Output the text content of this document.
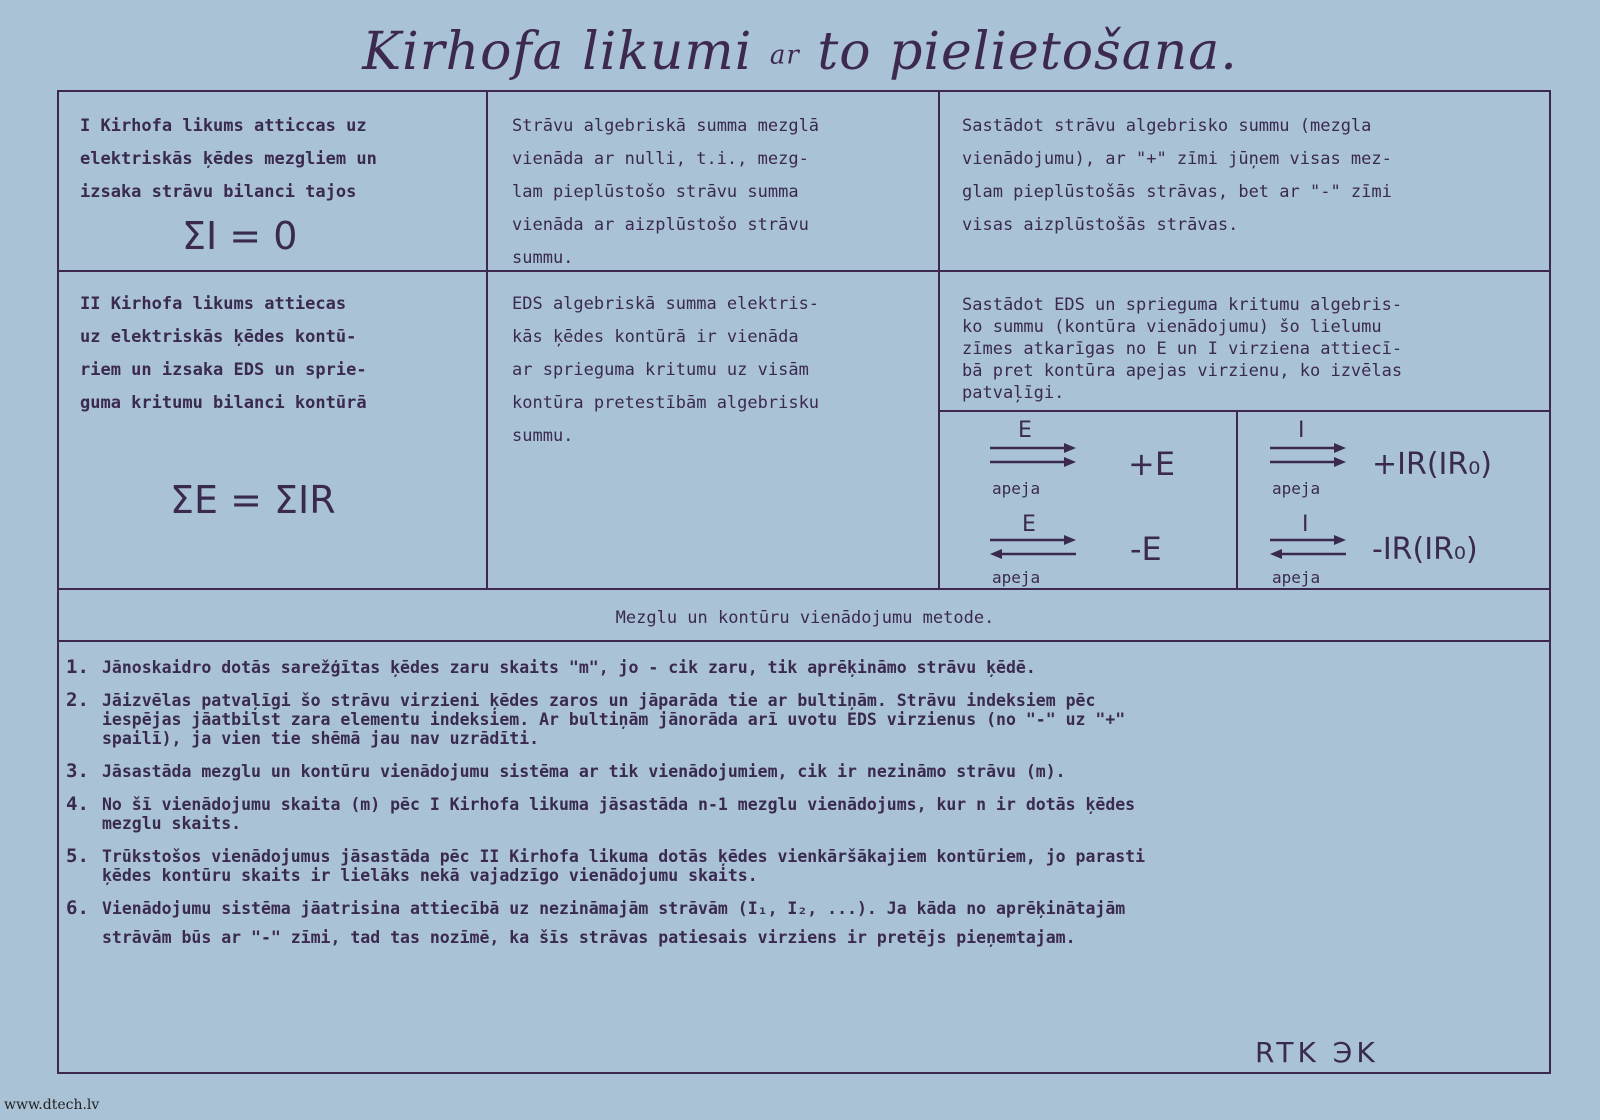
Kirhofa likumi ar to pielietošana.
I Kirhofa likums atticcas uz
elektriskās ķēdes mezgliem un
izsaka strāvu bilanci tajos
ΣI = 0
Strāvu algebriskā summa mezglā
vienāda ar nulli, t.i., mezg-
lam pieplūstošo strāvu summa
vienāda ar aizplūstošo strāvu
summu.
Sastādot strāvu algebrisko summu (mezgla
vienādojumu), ar "+" zīmi jūņem visas mez-
glam pieplūstošās strāvas, bet ar "-" zīmi
visas aizplūstošās strāvas.
II Kirhofa likums attiecas
uz elektriskās ķēdes kontū-
riem un izsaka EDS un sprie-
guma kritumu bilanci kontūrā
ΣE = ΣIR
EDS algebriskā summa elektris-
kās ķēdes kontūrā ir vienāda
ar sprieguma kritumu uz visām
kontūra pretestībām algebrisku
summu.
Sastādot EDS un sprieguma kritumu algebris-
ko summu (kontūra vienādojumu) šo lielumu
zīmes atkarīgas no E un I virziena attiecī-
bā pret kontūra apejas virzienu, ko izvēlas
patvaļīgi.
E
apeja
+E
E
apeja
-E
I
apeja
+IR(IR₀)
I
apeja
-IR(IR₀)
Mezglu un kontūru vienādojumu metode.
1. Jānoskaidro dotās sarežģītas ķēdes zaru skaits "m", jo - cik zaru, tik aprēķināmo strāvu ķēdē.
2. Jāizvēlas patvaļīgi šo strāvu virzieni ķēdes zaros un jāparāda tie ar bultiņām. Strāvu indeksiem pēc
iespējas jāatbilst zara elementu indeksiem. Ar bultiņām jānorāda arī uvotu EDS virzienus (no "-" uz "+"
spailī), ja vien tie shēmā jau nav uzrādīti.
3. Jāsastāda mezglu un kontūru vienādojumu sistēma ar tik vienādojumiem, cik ir nezināmo strāvu (m).
4. No šī vienādojumu skaita (m) pēc I Kirhofa likuma jāsastāda n-1 mezglu vienādojums, kur n ir dotās ķēdes
mezglu skaits.
5. Trūkstošos vienādojumus jāsastāda pēc II Kirhofa likuma dotās ķēdes vienkāršākajiem kontūriem, jo parasti
ķēdes kontūru skaits ir lielāks nekā vajadzīgo vienādojumu skaits.
6. Vienādojumu sistēma jāatrisina attiecībā uz nezināmajām strāvām (I₁, I₂, ...). Ja kāda no aprēķinātajām
strāvām būs ar "-" zīmi, tad tas nozīmē, ka šīs strāvas patiesais virziens ir pretējs pieņemtajam.
RTK ЭK
www.dtech.lv
